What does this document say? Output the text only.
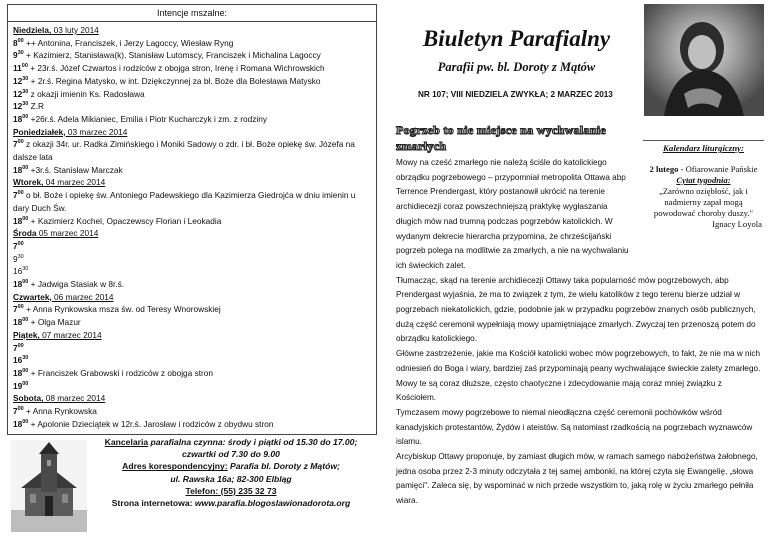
Intencje mszalne:
Niedziela, 03 luty 2014
$8^{00}$ ++ Antonina, Franciszek, i Jerzy Lagoccy, Wiesław Ryng
$9^{30}$ + Kazimierz, Stanisława(k), Stanisław Lutomscy, Franciszek i Michalina Lagoccy
$11^{00}$ + 23r.ś. Józef Czwartos i rodziców z obojga stron, Irenę i Romana Wichrowskich
$12^{30}$ + 2r.ś. Regina Matysko, w int. Dziękczynnej za bł. Boże dla Bolesława Matysko
$12^{30}$ z okazji imienin Ks. Radosława
$12^{30}$ Z.R
$18^{00}$ +26r.ś. Adela Mikianiec, Emilia i Piotr Kucharczyk i zm. z rodziny
Poniedziałek, 03 marzec 2014
$7^{00}$ z okazji 34r. ur. Radka Zimińskiego i Moniki Sadowy o zdr. i bł. Boże opiekę św. Józefa na dalsze lata
$18^{00}$ +3r.ś. Stanisław Marczak
Wtorek, 04 marzec 2014
$7^{00}$ o bł. Boże i opiekę św. Antoniego Padewskiego dla Kazimierza Giedrojća w dniu imienin u dary Duch Św.
$18^{00}$ + Kazimierz Kochel, Opaczewscy Florian i Leokadia
Środa 05 marzec 2014
$7^{00}$
$9^{30}$
$16^{30}$
$18^{00}$ + Jadwiga Stasiak w 8r.ś.
Czwartek, 06 marzec 2014
$7^{00}$ + Anna Rynkowska msza św. od Teresy Wnorowskiej
$18^{00} + Olga$ Mazur
Piątek, 07 marzec 2014
$7^{00}$
$16^{30}$
$18^{00}$ + Franciszek Grabowski i rodziców z obojga stron
$19^{00}$
Sobota, 08 marzec 2014
$7^{00}$ + Anna Rynkowska
$18^{00}$ + Apolonie Dzieciątek w 12r.ś. Jarosław i rodziców z obydwu stron
Kancelaria parafialna czynna: środy i piątki od 15.30 do 17.00;
czwartki od 7.30 do 9.00
Adres korespondencyjny: Parafia bl. Doroty z Mątów;
ul. Rawska 16a; 82-300 Elbląg
Telefon: (55) 235 32 73
Strona internetowa: www.parafia.blogoslawionadorota.org
Biuletyn Parafialny
Parafii pw. bl. Doroty z Mątów
NR 107; VIII NIEDZIELA ZWYKŁA; 2 MARZEC 2013
Pogrzeb to nie miejsce na wychwalanie zmarłych	Kalendarz liturgiczny:
2 lutego - Ofiarowanie Pańskie
Cytat tygodnia:
„Zarówno oziębłość, jak i nadmierny zapał mogą powodować choroby duszy."
Ignacy Loyola

Mowy na cześć zmarłego nie należą ściśle do katolickiego obrządku pogrzebowego – przypomniał metropolita Ottawa abp Terrence Prendergast, który postanowił ukrócić na terenie archidiecezji coraz powszechniejszą praktykę wygłaszania długich mów nad trumną podczas pogrzebów katolickich. W wydanym dekrecie hierarcha przypomina, że chrześcijański pogrzeb polega na modlitwie za zmarłych, a nie na wychwalaniu ich świeckich zalet.

Tłumacząc, skąd na terenie archidiecezji Ottawy taka popularność mów pogrzebowych, abp Prendergast wyjaśnia, że ma to związek z tym, że wielu katolików z tego terenu bierze udział w pogrzebach niekatolickich, gdzie, podobnie jak w przypadku pogrzebów znanych osób publicznych, dużą część ceremonii wypełniają mowy upamiętniające zmarłych. Zwyczaj ten przenoszą potem do obrządku katolickiego.

Główne zastrzeżenie, jakie ma Kościół katolicki wobec mów pogrzebowych, to fakt, że nie ma w nich odniesień do Boga i wiary, bardziej zaś przypominają peany wychwalające świeckie zalety zmarłego. Mowy te są coraz dłuższe, często chaotyczne i zdecydowanie mają coraz mniej związku z Kościołem.

Tymczasem mowy pogrzebowe to niemal nieodłączna część ceremonii pochówków wśród kanadyjskich protestantów, Żydów i ateistów. Są natomiast rzadkością na pogrzebach wyznawców islamu.

Arcybiskup Ottawy proponuje, by zamiast długich mów, w ramach samego nabożeństwa żałobnego, jedna osoba przez 2-3 minuty odczytała z tej samej ambonki, na której czyta się Ewangelię, „słowa pamięci". Zaleca się, by wspominać w nich przede wszystkim to, jaką rolę w życiu zmarłego pełniła wiara.
